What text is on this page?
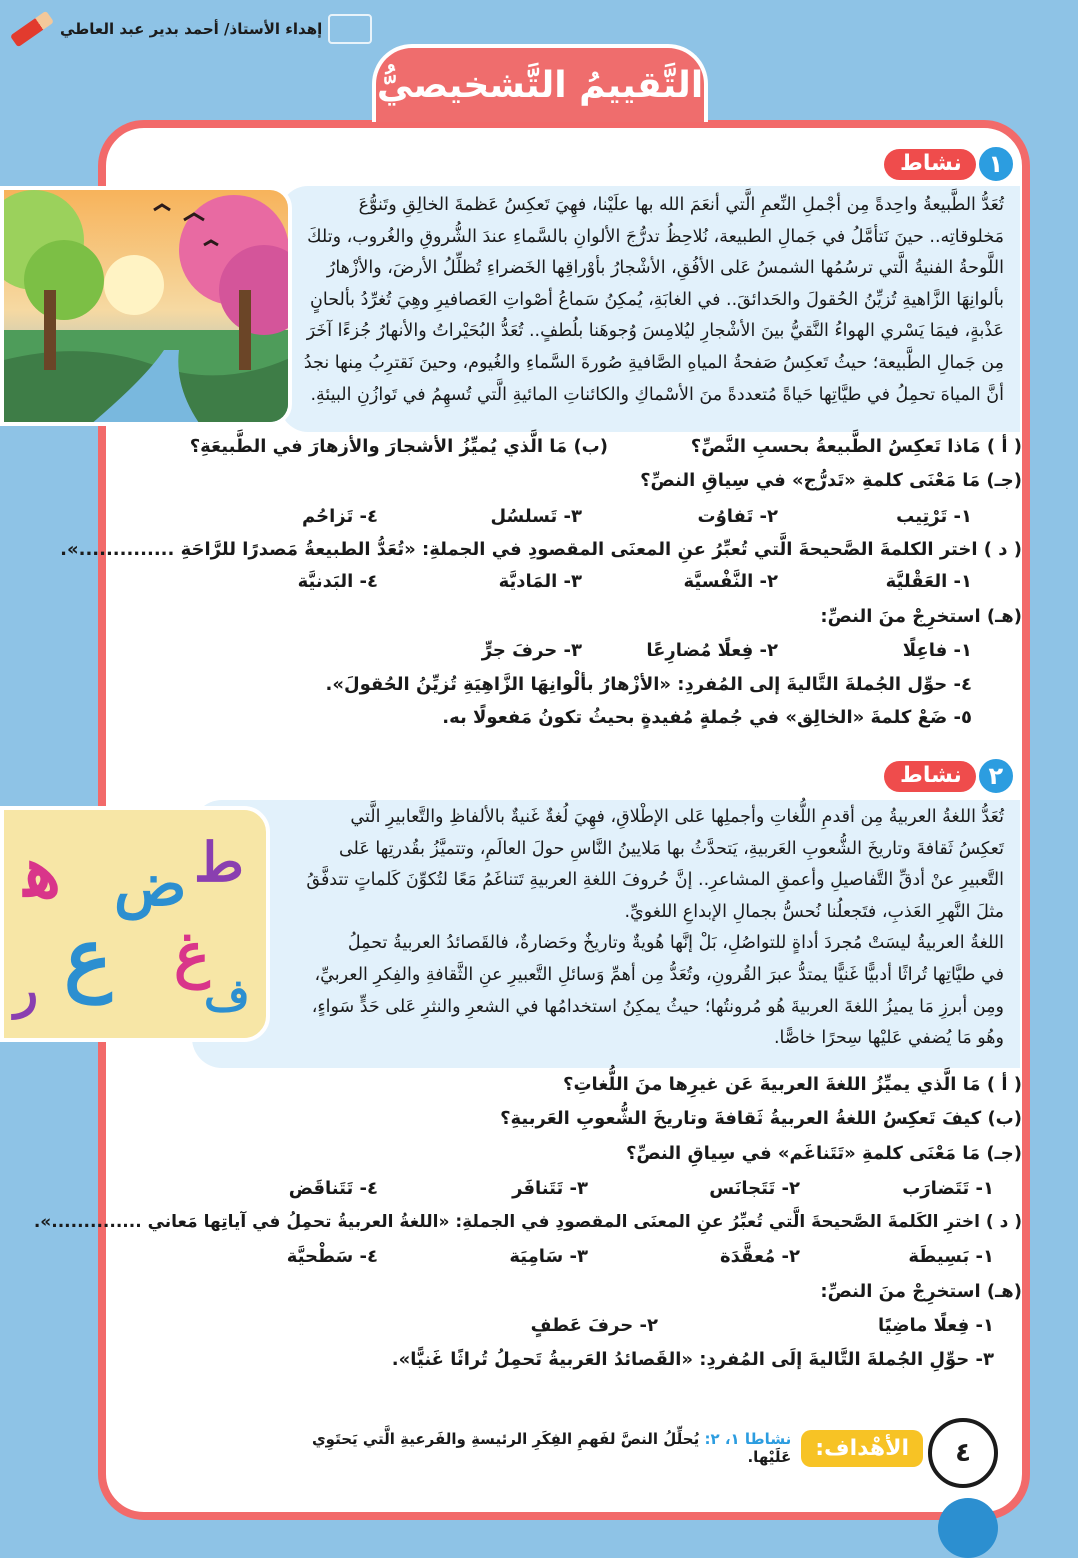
إهداء الأستاذ/ أحمد بدير عبد العاطي
التَّقييمُ التَّشخيصيُّ
١
نشاط
تُعَدُّ الطَّبيعةُ واحِدةً مِن أجْملِ النِّعمِ الَّتي أنعَمَ الله بها علَيْنا، فهِيَ تَعكِسُ عَظمةَ الخالِقِ وتَنوُّعَ
مَخلوقاتِه.. حينَ نَتأمَّلُ في جَمالِ الطبيعة، نُلاحِظُ تدرُّجَ الألوانِ بالسَّماءِ عندَ الشُّروقِ والغُروب، وتلكَ
اللَّوحةُ الفنيةُ الَّتي ترسُمُها الشمسُ عَلى الأفُقِ، الأشْجارُ بأوْراقِها الخَضراءِ تُظلِّلُ الأرضَ، والأزْهارُ
بألوانِهَا الزَّاهيةِ تُزيِّنُ الحُقولَ والحَدائقَ.. في الغابَةِ، يُمكِنُ سَماعُ أصْواتِ العَصافيرِ وهِيَ تُغرِّدُ بألحانٍ
عَذْبةٍ، فيمَا يَسْري الهواءُ النَّقيُّ بينَ الأشْجارِ ليُلامِسَ وُجوهَنا بلُطفٍ.. تُعَدُّ البُحَيْراتُ والأنهارُ جُزءًا آخَرَ
مِن جَمالِ الطَّبيعة؛ حيثُ تَعكِسُ صَفحةُ المياهِ الصَّافيةِ صُورةَ السَّماءِ والغُيوم، وحينَ نَقترِبُ مِنها نجدُ
أنَّ المياهَ تحمِلُ في طيَّاتِها حَياةً مُتعددةً منَ الأسْماكِ والكائناتِ المائيةِ الَّتي تُسهِمُ في تَوازُنِ البيئةِ.
( أ ) مَاذا تَعكِسُ الطَّبيعةُ بحسبِ النَّصِّ؟
(ب) مَا الَّذي يُميِّزُ الأشجارَ والأزهارَ في الطَّبيعَةِ؟
(جـ) مَا مَعْنَى كلمةِ «تَدرُّج» في سِياقِ النصِّ؟
١- تَرْتِيب
٢- تَفاوُت
٣- تَسلسُل
٤- تَزاحُم
( د ) اختر الكلمةَ الصَّحيحةَ الَّتي تُعبِّرُ عنِ المعنَى المقصودِ في الجملةِ: «تُعَدُّ الطبيعةُ مَصدرًا للرَّاحَةِ ..............».
١- العَقْليَّة
٢- النَّفْسيَّة
٣- المَاديَّة
٤- البَدنيَّة
(هـ) استخرِجْ منَ النصِّ:
١- فاعِلًا
٢- فِعلًا مُضارِعًا
٣- حرفَ جرٍّ
٤- حوِّل الجُملةَ التَّاليةَ إلى المُفردِ: «الأزْهارُ بألْوانِهَا الزَّاهِيَةِ تُزيِّنُ الحُقولَ».
٥- ضَعْ كلمةَ «الخالِق» في جُملةٍ مُفيدةٍ بحيثُ تكونُ مَفعولًا به.
٢
نشاط
تُعَدُّ اللغةُ العربيةُ مِن أقدمِ اللُّغاتِ وأجملِها عَلى الإطْلاقِ، فهِيَ لُغةٌ غَنيةٌ بالألفاظِ والتَّعابيرِ الَّتي
تَعكِسُ ثَقافةَ وتاريخَ الشُّعوبِ العَربيةِ، يَتحدَّثُ بها مَلايينُ النَّاسِ حولَ العالَمِ، وتتميَّزُ بقُدرتِها عَلى
التَّعبيرِ عنْ أدقِّ التَّفاصيلِ وأعمقِ المشاعرِ.. إنَّ حُروفَ اللغةِ العربيةِ تَتناغَمُ مَعًا لتُكوِّنَ كَلماتٍ تتدفَّقُ
مثلَ النَّهرِ العَذبِ، فتَجعلُنا نُحسُّ بجمالِ الإبداعِ اللغويِّ.
اللغةُ العربيةُ ليسَتْ مُجردَ أداةٍ للتواصُلِ، بَلْ إنَّها هُويةٌ وتاريخٌ وحَضارةٌ، فالقَصائدُ العربيةُ تحمِلُ
في طيَّاتِها تُراثًا أدبيًّا غَنيًّا يمتدُّ عبرَ القُرونِ، وتُعَدُّ مِن أهمِّ وَسائلِ التَّعبيرِ عنِ الثَّقافةِ والفِكرِ العربيِّ،
ومِن أبرزِ مَا يميزُ اللغةَ العربيةَ هُو مُرونتُها؛ حيثُ يمكِنُ استخدامُها في الشعرِ والنثرِ عَلى حَدٍّ سَواءٍ،
وهُو مَا يُضفي عَليْها سِحرًا خاصًّا.
ﻫ ﺽ
ﻉ ﻍ
ﺭ
ﻁ
ﻑ
( أ ) مَا الَّذي يميِّزُ اللغةَ العربيةَ عَن غيرِها منَ اللُّغاتِ؟
(ب) كيفَ تَعكِسُ اللغةُ العربيةُ ثَقافةَ وتاريخَ الشُّعوبِ العَربيةِ؟
(جـ) مَا مَعْنَى كلمةِ «تَتَناغَم» في سِياقِ النصِّ؟
١- تَتَضارَب
٢- تَتَجانَس
٣- تَتَنافَر
٤- تَتَناقَض
( د ) اخترِ الكَلمةَ الصَّحيحةَ الَّتي تُعبِّرُ عنِ المعنَى المقصودِ في الجملةِ: «اللغةُ العربيةُ تحمِلُ في آياتِها مَعاني ..............».
١- بَسِيطَة
٢- مُعقَّدَة
٣- سَامِيَة
٤- سَطْحيَّة
(هـ) استخرِجْ منَ النصِّ:
١- فِعلًا ماضِيًا
٢- حرفَ عَطفٍ
٣- حوِّلِ الجُملةَ التَّاليةَ إلَى المُفردِ: «القَصائدُ العَربيةُ تَحمِلُ تُراثًا غَنيًّا».
الأهْداف:
نشاطا ١، ٢: يُحلِّلُ النصَّ لفَهمِ الفِكَرِ الرئيسةِ والفَرعيةِ الَّتي يَحتَوِي عَلَيْها.	٤
